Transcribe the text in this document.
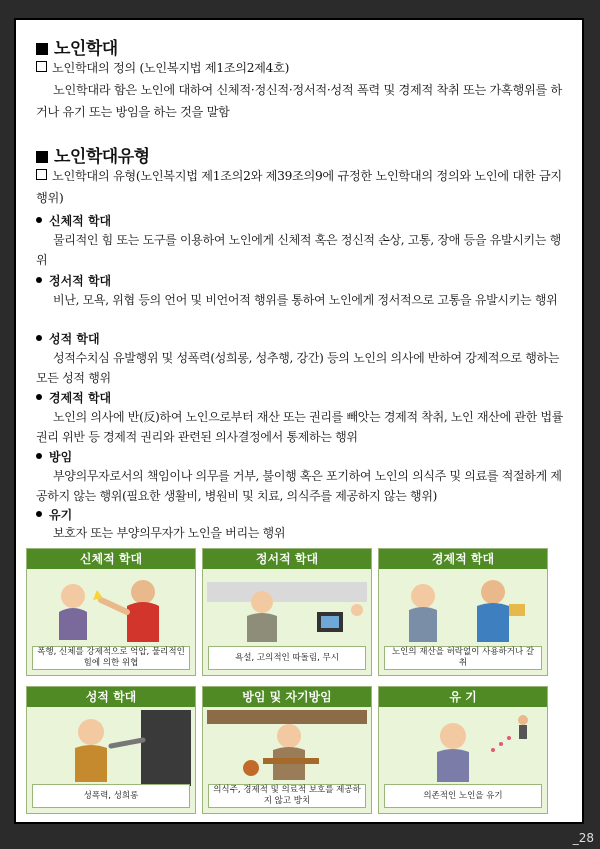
노인학대
노인학대의 정의 (노인복지법 제1조의2제4호)
노인학대라 함은 노인에 대하여 신체적·정신적·정서적·성적 폭력 및 경제적 착취 또는 가혹행위를 하거나 유기 또는 방임을 하는 것을 말함
노인학대유형
노인학대의 유형(노인복지법 제1조의2와 제39조의9에 규정한 노인학대의 정의와 노인에 대한 금지행위)
신체적 학대
물리적인 힘 또는 도구를 이용하여 노인에게 신체적 혹은 정신적 손상, 고통, 장애 등을 유발시키는 행위
정서적 학대
비난, 모욕, 위협 등의 언어 및 비언어적 행위를 통하여 노인에게 정서적으로 고통을 유발시키는 행위
성적 학대
성적수치심 유발행위 및 성폭력(성희롱, 성추행, 강간) 등의 노인의 의사에 반하여 강제적으로 행하는 모든 성적 행위
경제적 학대
노인의 의사에 반(反)하여 노인으로부터 재산 또는 권리를 빼앗는 경제적 착취, 노인 재산에 관한 법률 권리 위반 등 경제적 권리와 관련된 의사결정에서 통제하는 행위
방임
부양의무자로서의 책임이나 의무를 거부, 불이행 혹은 포기하여 노인의 의식주 및 의료를 적절하게 제공하지 않는 행위(필요한 생활비, 병원비 및 치료, 의식주를 제공하지 않는 행위)
유기
보호자 또는 부양의무자가 노인을 버리는 행위
신체적 학대
폭행, 신체를 강제적으로 억압, 물리적인 힘에 의한 위협
정서적 학대
욕설, 고의적인 따돌림, 무시
경제적 학대
노인의 재산을 허락없이 사용하거나 갈취
성적 학대
성폭력, 성희롱
방임 및 자기방임
의식주, 경제적 및 의료적 보호를 제공하지 않고 방치
유 기
의존적인 노인을 유기
_28
